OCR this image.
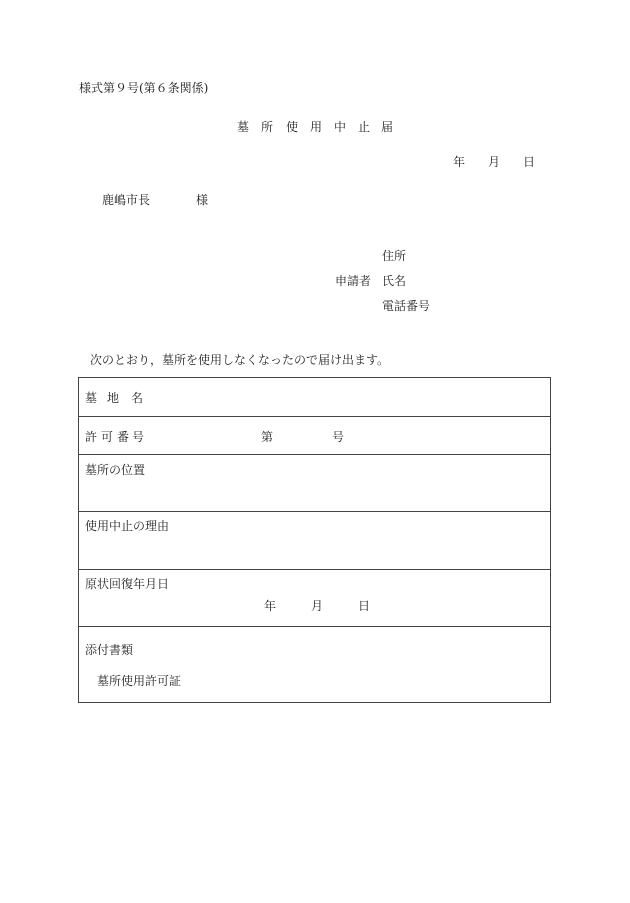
様式第９号(第６条関係)
墓 所 使 用 中 止 届
年 月 日
鹿嶋市長	様
住所
申請者 氏名
電話番号
次のとおり，墓所を使用しなくなったので届け出ます。
墓 地 名
許 可 番 号	第	号
墓所の位置
使用中止の理由
原状回復年月日
年	月	日
添付書類
墓所使用許可証
